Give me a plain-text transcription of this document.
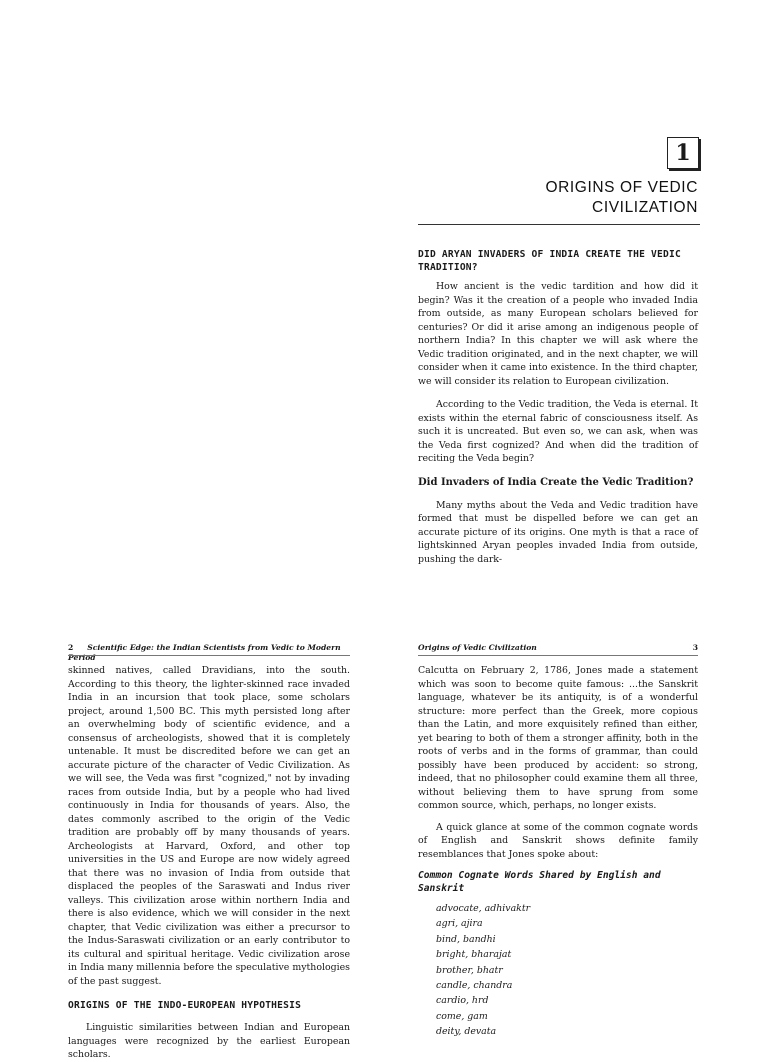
1
ORIGINS OF VEDIC
CIVILIZATION
DID ARYAN INVADERS OF INDIA CREATE THE VEDIC TRADITION?

How ancient is the vedic tardition and how did it begin? Was it the creation of a people who invaded India from outside, as many European scholars believed for centuries? Or did it arise among an indigenous people of northern India? In this chapter we will ask where the Vedic tradition originated, and in the next chapter, we will consider when it came into existence. In the third chapter, we will consider its relation to European civilization.

According to the Vedic tradition, the Veda is eternal. It exists within the eternal fabric of consciousness itself. As such it is uncreated. But even so, we can ask, when was the Veda first cognized? And when did the tradition of reciting the Veda begin?

Did Invaders of India Create the Vedic Tradition?

Many myths about the Veda and Vedic tradition have formed that must be dispelled before we can get an accurate picture of its origins. One myth is that a race of lightskinned Aryan peoples invaded India from outside, pushing the dark-

2 Scientific Edge: the Indian Scientists from Vedic to Modern Period
3
Origins of Vedic Civilization

skinned natives, called Dravidians, into the south. According to this theory, the lighter-skinned race invaded India in an incursion that took place, some scholars project, around 1,500 BC. This myth persisted long after an overwhelming body of scientific evidence, and a consensus of archeologists, showed that it is completely untenable. It must be discredited before we can get an accurate picture of the character of Vedic Civilization. As we will see, the Veda was first "cognized," not by invading races from outside India, but by a people who had lived continuously in India for thousands of years. Also, the dates commonly ascribed to the origin of the Vedic tradition are probably off by many thousands of years. Archeologists at Harvard, Oxford, and other top universities in the US and Europe are now widely agreed that there was no invasion of India from outside that displaced the peoples of the Saraswati and Indus river valleys. This civilization arose within northern India and there is also evidence, which we will consider in the next chapter, that Vedic civilization was either a precursor to the Indus-Saraswati civilization or an early contributor to its cultural and spiritual heritage. Vedic civilization arose in India many millennia before the speculative mythologies of the past suggest.

ORIGINS OF THE INDO-EUROPEAN HYPOTHESIS

Linguistic similarities between Indian and European languages were recognized by the earliest European scholars.

Calcutta on February 2, 1786, Jones made a statement which was soon to become quite famous: ...the Sanskrit language, whatever be its antiquity, is of a wonderful structure: more perfect than the Greek, more copious than the Latin, and more exquisitely refined than either, yet bearing to both of them a stronger affinity, both in the roots of verbs and in the forms of grammar, than could possibly have been produced by accident: so strong, indeed, that no philosopher could examine them all three, without believing them to have sprung from some common source, which, perhaps, no longer exists.

A quick glance at some of the common cognate words of English and Sanskrit shows definite family resemblances that Jones spoke about:

Common Cognate Words Shared by English and Sanskrit
advocate, adhivaktr
agri, ajira
bind, bandhi
bright, bharajat
brother, bhatr
candle, chandra
cardio, hrd
come, gam
deity, devata
